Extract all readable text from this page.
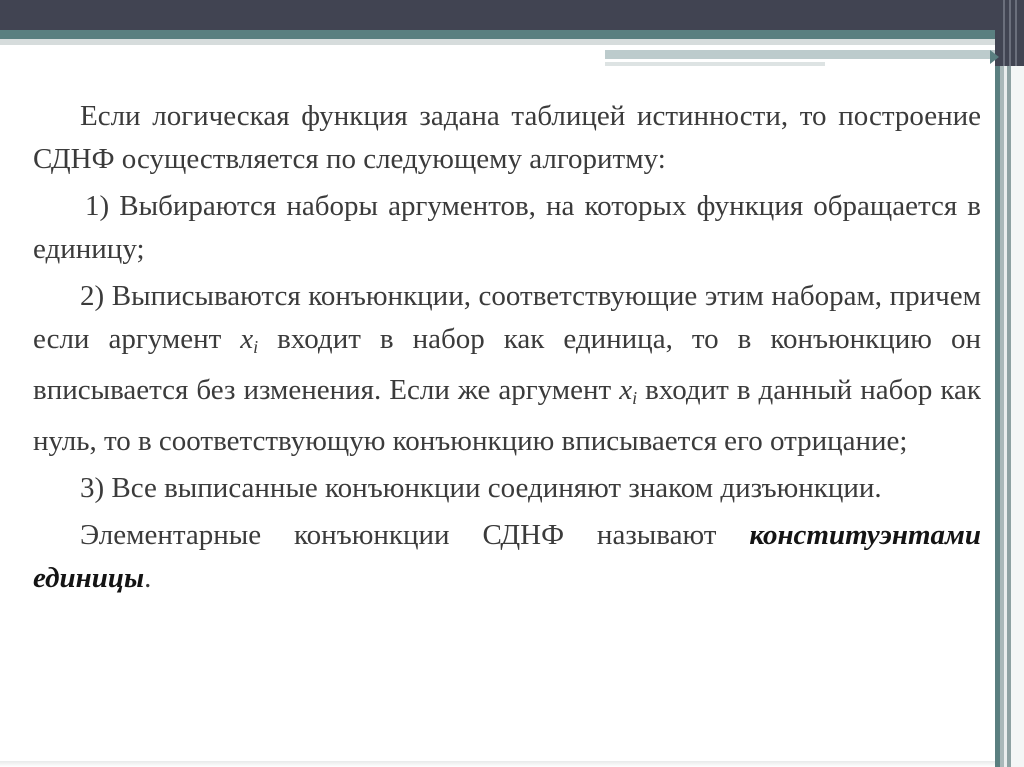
Если логическая функция задана таблицей истинности, то построение СДНФ осуществляется по следующему алгоритму:

1) Выбираются наборы аргументов, на которых функция обращается в единицу;

2) Выписываются конъюнкции, соответствующие этим наборам, причем если аргумент $x_i$ входит в набор как единица, то в конъюнкцию он вписывается без изменения. Если же аргумент $x_i$ входит в данный набор как нуль, то в соответствующую конъюнкцию вписывается его отрицание;

3) Все выписанные конъюнкции соединяют знаком дизъюнкции.

Элементарные конъюнкции СДНФ называют конституэнтами единицы.
